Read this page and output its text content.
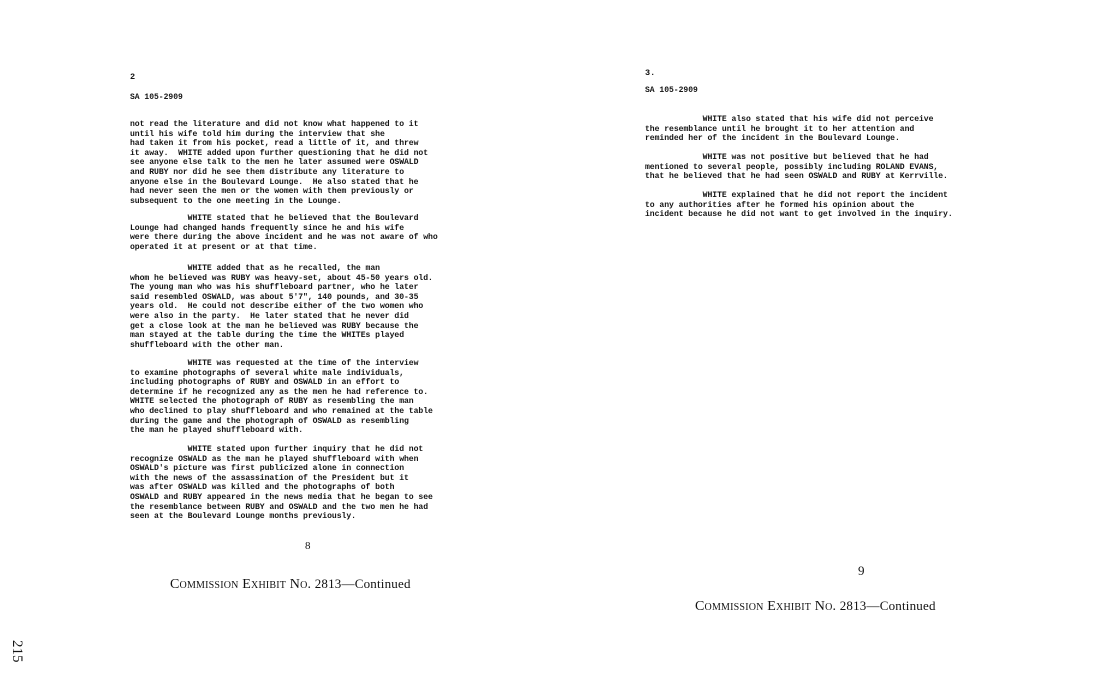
2
SA 105-2909
not read the literature and did not know what happened to it
until his wife told him during the interview that she
had taken it from his pocket, read a little of it, and threw
it away.  WHITE added upon further questioning that he did not
see anyone else talk to the men he later assumed were OSWALD
and RUBY nor did he see them distribute any literature to
anyone else in the Boulevard Lounge.  He also stated that he
had never seen the men or the women with them previously or
subsequent to the one meeting in the Lounge.
WHITE stated that he believed that the Boulevard
Lounge had changed hands frequently since he and his wife
were there during the above incident and he was not aware of who
operated it at present or at that time.
WHITE added that as he recalled, the man
whom he believed was RUBY was heavy-set, about 45-50 years old.
The young man who was his shuffleboard partner, who he later
said resembled OSWALD, was about 5'7", 140 pounds, and 30-35
years old.  He could not describe either of the two women who
were also in the party.  He later stated that he never did
get a close look at the man he believed was RUBY because the
man stayed at the table during the time the WHITEs played
shuffleboard with the other man.
WHITE was requested at the time of the interview
to examine photographs of several white male individuals,
including photographs of RUBY and OSWALD in an effort to
determine if he recognized any as the men he had reference to.
WHITE selected the photograph of RUBY as resembling the man
who declined to play shuffleboard and who remained at the table
during the game and the photograph of OSWALD as resembling
the man he played shuffleboard with.
WHITE stated upon further inquiry that he did not
recognize OSWALD as the man he played shuffleboard with when
OSWALD's picture was first publicized alone in connection
with the news of the assassination of the President but it
was after OSWALD was killed and the photographs of both
OSWALD and RUBY appeared in the news media that he began to see
the resemblance between RUBY and OSWALD and the two men he had
seen at the Boulevard Lounge months previously.
8
Commission Exhibit No. 2813—Continued
3.
SA 105-2909
WHITE also stated that his wife did not perceive
the resemblance until he brought it to her attention and
reminded her of the incident in the Boulevard Lounge.
WHITE was not positive but believed that he had
mentioned to several people, possibly including ROLAND EVANS,
that he believed that he had seen OSWALD and RUBY at Kerrville.
WHITE explained that he did not report the incident
to any authorities after he formed his opinion about the
incident because he did not want to get involved in the inquiry.
9
Commission Exhibit No. 2813—Continued
215
